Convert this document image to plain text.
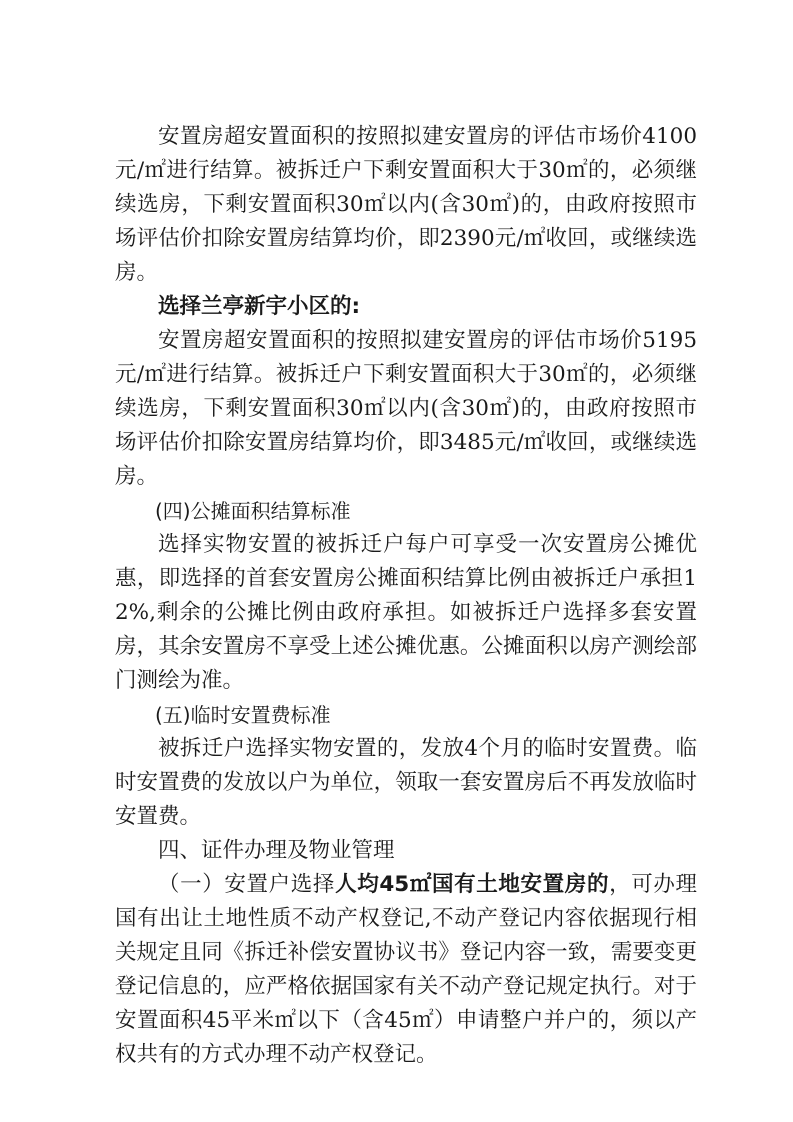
安置房超安置面积的按照拟建安置房的评估市场价4100元/㎡进行结算。被拆迁户下剩安置面积大于30㎡的，必须继续选房，下剩安置面积30㎡以内(含30㎡)的，由政府按照市场评估价扣除安置房结算均价，即2390元/㎡收回，或继续选房。

选择兰亭新宇小区的:

安置房超安置面积的按照拟建安置房的评估市场价5195元/㎡进行结算。被拆迁户下剩安置面积大于30㎡的，必须继续选房，下剩安置面积30㎡以内(含30㎡)的，由政府按照市场评估价扣除安置房结算均价，即3485元/㎡收回，或继续选房。

(四)公摊面积结算标准

选择实物安置的被拆迁户每户可享受一次安置房公摊优惠，即选择的首套安置房公摊面积结算比例由被拆迁户承担12%,剩余的公摊比例由政府承担。如被拆迁户选择多套安置房，其余安置房不享受上述公摊优惠。公摊面积以房产测绘部门测绘为准。

(五)临时安置费标准

被拆迁户选择实物安置的，发放4个月的临时安置费。临时安置费的发放以户为单位，领取一套安置房后不再发放临时安置费。

四、证件办理及物业管理

（一）安置户选择人均45㎡国有土地安置房的，可办理国有出让土地性质不动产权登记,不动产登记内容依据现行相关规定且同《拆迁补偿安置协议书》登记内容一致，需要变更登记信息的，应严格依据国家有关不动产登记规定执行。对于安置面积45平米㎡以下（含45㎡）申请整户并户的，须以产权共有的方式办理不动产权登记。
